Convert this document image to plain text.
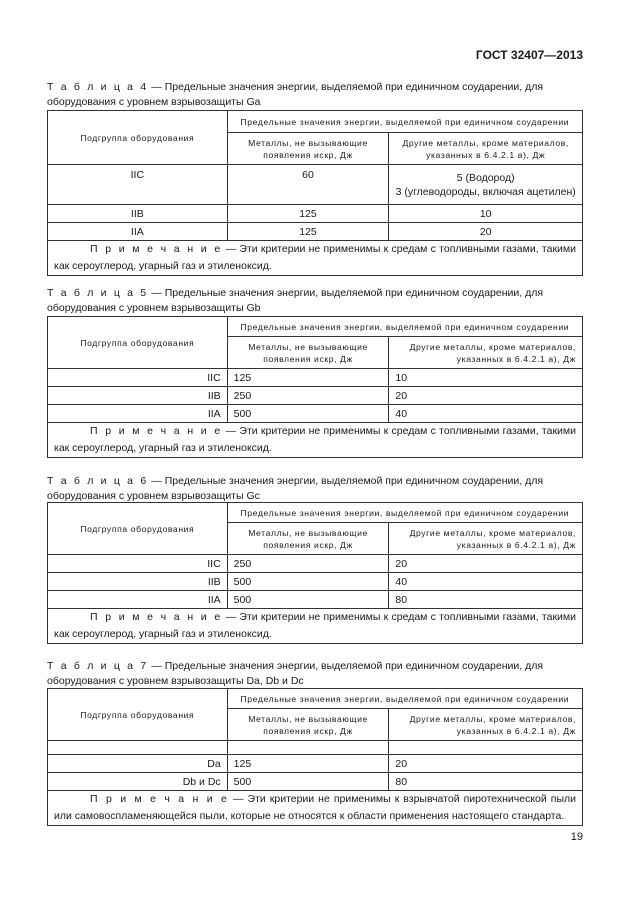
ГОСТ 32407—2013
Т а б л и ц а 4 — Предельные значения энергии, выделяемой при единичном соударении, для оборудования с уровнем взрывозащиты Ga
Подгруппа оборудования	Предельные значения энергии, выделяемой при единичном соударении	
	Металлы, не вызывающие появления искр, Дж	Другие металлы, кроме материалов, указанных в 6.4.2.1 а), Дж
IIC	60	5 (Водород)
3 (углеводороды, включая ацетилен)

IIB	125	10
IIA	125	20
П р и м е ч а н и е — Эти критерии не применимы к средам с топливными газами, такими как сероуглерод, угарный газ и этиленоксид.		
Т а б л и ц а 5 — Предельные значения энергии, выделяемой при единичном соударении, для оборудования с уровнем взрывозащиты Gb
Подгруппа оборудования	Предельные значения энергии, выделяемой при единичном соударении	
	Металлы, не вызывающие появления искр, Дж	Другие металлы, кроме материалов, указанных в 6.4.2.1 а), Дж
IIC	125	10
IIB	250	20
IIA	500	40
П р и м е ч а н и е — Эти критерии не применимы к средам с топливными газами, такими как сероуглерод, угарный газ и этиленоксид.		
Т а б л и ц а 6 — Предельные значения энергии, выделяемой при единичном соударении, для оборудования с уровнем взрывозащиты Gc
Подгруппа оборудования	Предельные значения энергии, выделяемой при единичном соударении	
	Металлы, не вызывающие появления искр, Дж	Другие металлы, кроме материалов, указанных в 6.4.2.1 а), Дж
IIC	250	20
IIB	500	40
IIA	500	80
П р и м е ч а н и е — Эти критерии не применимы к средам с топливными газами, такими как сероуглерод, угарный газ и этиленоксид.		
Т а б л и ц а 7 — Предельные значения энергии, выделяемой при единичном соударении, для оборудования с уровнем взрывозащиты Da, Db и Dc
Подгруппа оборудования	Предельные значения энергии, выделяемой при единичном соударении	
	Металлы, не вызывающие появления искр, Дж	Другие металлы, кроме материалов, указанных в 6.4.2.1 а), Дж

Da	125	20
Db и Dc	500	80
П р и м е ч а н и е — Эти критерии не применимы к взрывчатой пиротехнической пыли или самовоспламеняющейся пыли, которые не относятся к области применения настоящего стандарта.		
19
